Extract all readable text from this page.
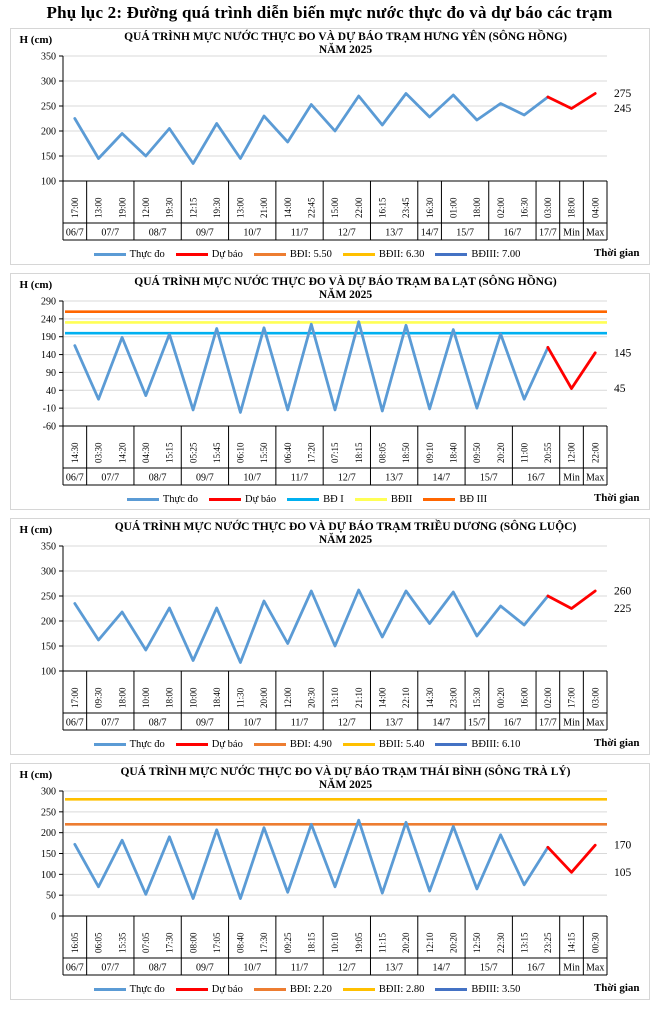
Phụ lục 2: Đường quá trình diễn biến mực nước thực đo và dự báo các trạm
100
150
200
250
300
350
06/7 07/7	08/7	09/7	10/7	11/7	12/7	13/7 14/7 15/7	16/7 17/7 Min Max
17:00 13:00 19:00 12:00 19:30 12:15 19:30 13:00 21:00 14:00 22:45 15:00 22:00 16:15 23:45 16:30 01:00 18:00 02:00 16:30 03:00 18:00 04:00
275
245
H (cm)	QUÁ TRÌNH MỰC NƯỚC THỰC ĐO VÀ DỰ BÁO TRẠM HƯNG YÊN (SÔNG HỒNG)
NĂM 2025
Thực đo	Dự báo	BĐI: 5.50	BĐII: 6.30	BĐIII: 7.00	Thời gian
-60
-10
40
90
140
190
240
290
06/7 07/7	08/7	09/7	10/7	11/7	12/7	13/7	14/7	15/7	16/7 Min Max
14:30 03:30 14:20 04:30 15:15 05:25 15:45 06:10 15:50 06:40 17:20 07:15 18:15 08:05 18:50 09:10 18:40 09:50 20:20 11:00 20:55 12:00 22:00
145
45
H (cm)	QUÁ TRÌNH MỰC NƯỚC THỰC ĐO VÀ DỰ BÁO TRẠM BA LẠT (SÔNG HỒNG)
NĂM 2025
Thực đo	Dự báo	BĐ I	BĐII	BĐ III	Thời gian
100
150
200
250
300
350
06/7 07/7	08/7	09/7	10/7	11/7	12/7	13/7	14/7 15/7 16/7 17/7 Min Max
17:00 09:30 18:00 10:00 18:00 10:00 18:40 11:30 20:00 12:00 20:30 13:10 21:10 14:00 22:10 14:30 23:00 15:30 00:20 16:00 02:00 17:00 03:00
260
225
H (cm)	QUÁ TRÌNH MỰC NƯỚC THỰC ĐO VÀ DỰ BÁO TRẠM TRIỀU DƯƠNG (SÔNG LUỘC)
NĂM 2025
Thực đo	Dự báo	BĐI: 4.90	BĐII: 5.40	BĐIII: 6.10	Thời gian
0
50
100
150
200
250
300
06/7 07/7	08/7	09/7	10/7	11/7	12/7	13/7	14/7	15/7	16/7 Min Max
16:05 06:05 15:35 07:05 17:30 08:00 17:05 08:40 17:30 09:25 18:15 10:10 19:05 11:15 20:20 12:10 20:20 12:50 22:30 13:15 23:25 14:15 00:30
170
105
H (cm)	QUÁ TRÌNH MỰC NƯỚC THỰC ĐO VÀ DỰ BÁO TRẠM THÁI BÌNH (SÔNG TRÀ LÝ)
NĂM 2025
Thực đo	Dự báo	BĐI: 2.20	BĐII: 2.80	BĐIII: 3.50	Thời gian
